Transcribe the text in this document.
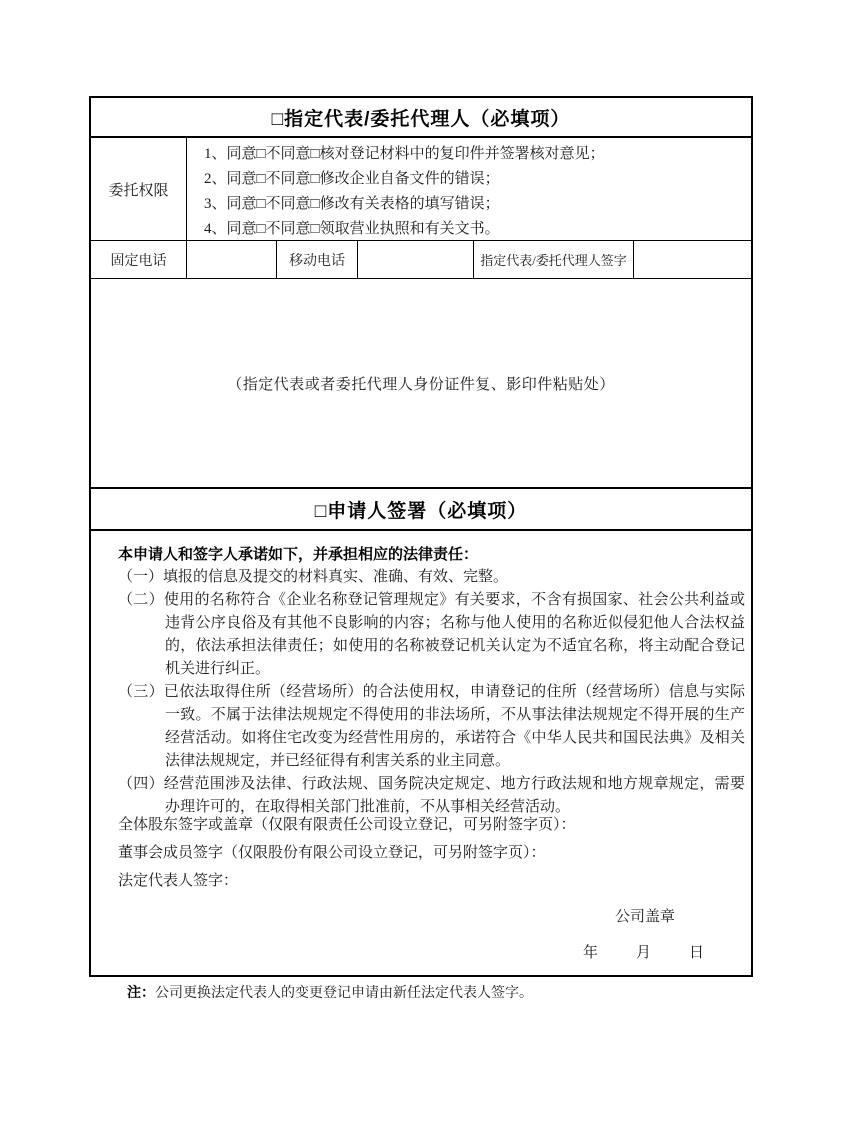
□指定代表/委托代理人（必填项）
委托权限
1、同意□不同意□核对登记材料中的复印件并签署核对意见；
2、同意□不同意□修改企业自备文件的错误；
3、同意□不同意□修改有关表格的填写错误；
4、同意□不同意□领取营业执照和有关文书。
固定电话	移动电话	指定代表/委托代理人签字
（指定代表或者委托代理人身份证件复、影印件粘贴处）
□申请人签署（必填项）
本申请人和签字人承诺如下，并承担相应的法律责任：
（一）填报的信息及提交的材料真实、准确、有效、完整。
（二）使用的名称符合《企业名称登记管理规定》有关要求，不含有损国家、社会公共利益或违背公序良俗及有其他不良影响的内容；名称与他人使用的名称近似侵犯他人合法权益的，依法承担法律责任；如使用的名称被登记机关认定为不适宜名称，将主动配合登记机关进行纠正。
（三）已依法取得住所（经营场所）的合法使用权，申请登记的住所（经营场所）信息与实际一致。不属于法律法规规定不得使用的非法场所，不从事法律法规规定不得开展的生产经营活动。如将住宅改变为经营性用房的，承诺符合《中华人民共和国民法典》及相关法律法规规定，并已经征得有利害关系的业主同意。
（四）经营范围涉及法律、行政法规、国务院决定规定、地方行政法规和地方规章规定，需要办理许可的，在取得相关部门批准前，不从事相关经营活动。
全体股东签字或盖章（仅限有限责任公司设立登记，可另附签字页）：
董事会成员签字（仅限股份有限公司设立登记，可另附签字页）：
法定代表人签字：
公司盖章
年	月	日
注：公司更换法定代表人的变更登记申请由新任法定代表人签字。
